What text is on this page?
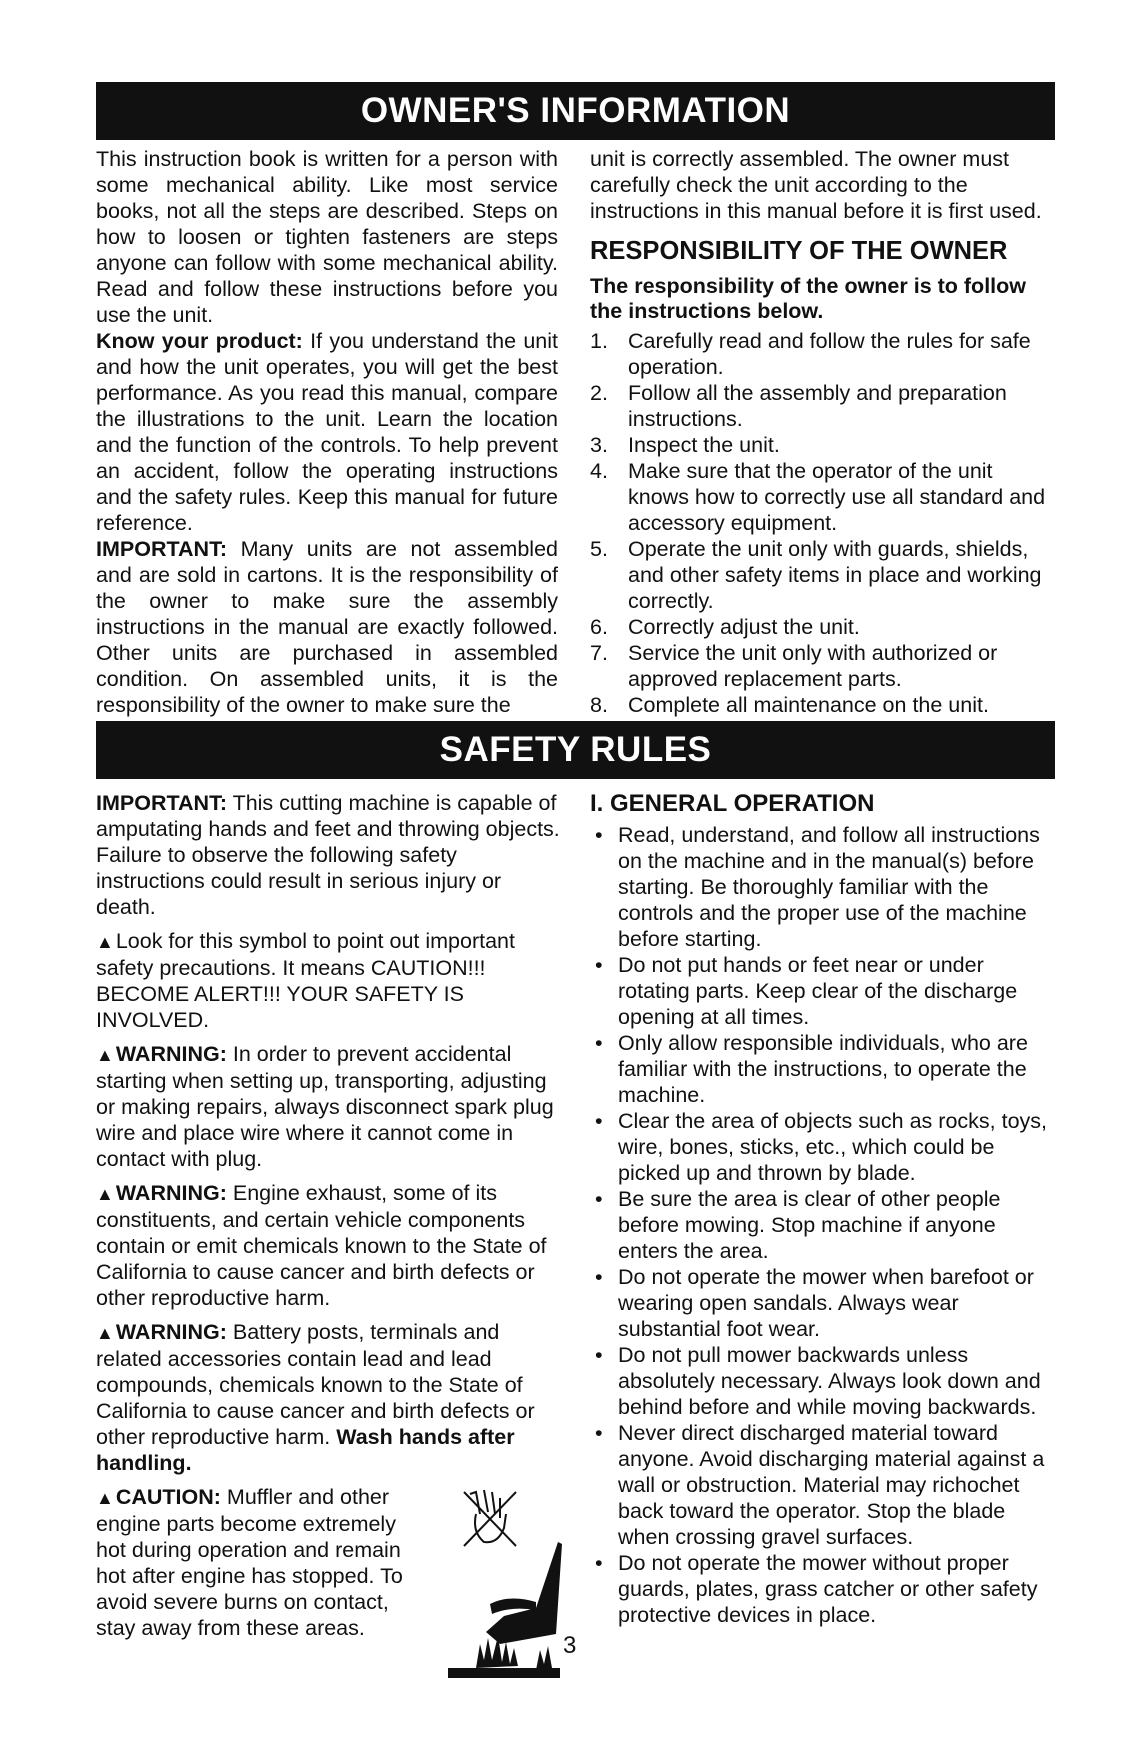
OWNER'S INFORMATION

This instruction book is written for a person with some mechanical ability. Like most service books, not all the steps are described. Steps on how to loosen or tighten fasteners are steps anyone can follow with some mechanical ability. Read and follow these instructions before you use the unit.

Know your product: If you understand the unit and how the unit operates, you will get the best performance. As you read this manual, compare the illustrations to the unit. Learn the location and the function of the controls. To help prevent an accident, follow the operating instructions and the safety rules. Keep this manual for future reference.

IMPORTANT: Many units are not assembled and are sold in cartons. It is the responsibility of the owner to make sure the assembly instructions in the manual are exactly followed. Other units are purchased in assembled condition. On assembled units, it is the responsibility of the owner to make sure the

unit is correctly assembled. The owner must carefully check the unit according to the instructions in this manual before it is first used.

RESPONSIBILITY OF THE OWNER

The responsibility of the owner is to follow the instructions below.

1. Carefully read and follow the rules for safe operation.
2. Follow all the assembly and preparation instructions.
3. Inspect the unit.
4. Make sure that the operator of the unit knows how to correctly use all standard and accessory equipment.
5. Operate the unit only with guards, shields, and other safety items in place and working correctly.
6. Correctly adjust the unit.
7. Service the unit only with authorized or approved replacement parts.
8. Complete all maintenance on the unit.
SAFETY RULES

IMPORTANT: This cutting machine is capable of amputating hands and feet and throwing objects. Failure to observe the following safety instructions could result in serious injury or death.

▲Look for this symbol to point out important safety precautions. It means CAUTION!!! BECOME ALERT!!! YOUR SAFETY IS INVOLVED.

▲WARNING: In order to prevent accidental starting when setting up, transporting, adjusting or making repairs, always disconnect spark plug wire and place wire where it cannot come in contact with plug.

▲WARNING: Engine exhaust, some of its constituents, and certain vehicle components contain or emit chemicals known to the State of California to cause cancer and birth defects or other reproductive harm.

▲WARNING: Battery posts, terminals and related accessories contain lead and lead compounds, chemicals known to the State of California to cause cancer and birth defects or other reproductive harm. Wash hands after handling.

▲CAUTION: Muffler and other engine parts become extremely hot during operation and remain hot after engine has stopped. To avoid severe burns on contact, stay away from these areas.

I. GENERAL OPERATION

• Read, understand, and follow all instructions on the machine and in the manual(s) before starting. Be thoroughly familiar with the controls and the proper use of the machine before starting.
• Do not put hands or feet near or under rotating parts. Keep clear of the discharge opening at all times.
• Only allow responsible individuals, who are familiar with the instructions, to operate the machine.
• Clear the area of objects such as rocks, toys, wire, bones, sticks, etc., which could be picked up and thrown by blade.
• Be sure the area is clear of other people before mowing. Stop machine if anyone enters the area.
• Do not operate the mower when barefoot or wearing open sandals. Always wear substantial foot wear.
• Do not pull mower backwards unless absolutely necessary. Always look down and behind before and while moving backwards.
• Never direct discharged material toward anyone. Avoid discharging material against a wall or obstruction. Material may richochet back toward the operator. Stop the blade when crossing gravel surfaces.
• Do not operate the mower without proper guards, plates, grass catcher or other safety protective devices in place.
3
